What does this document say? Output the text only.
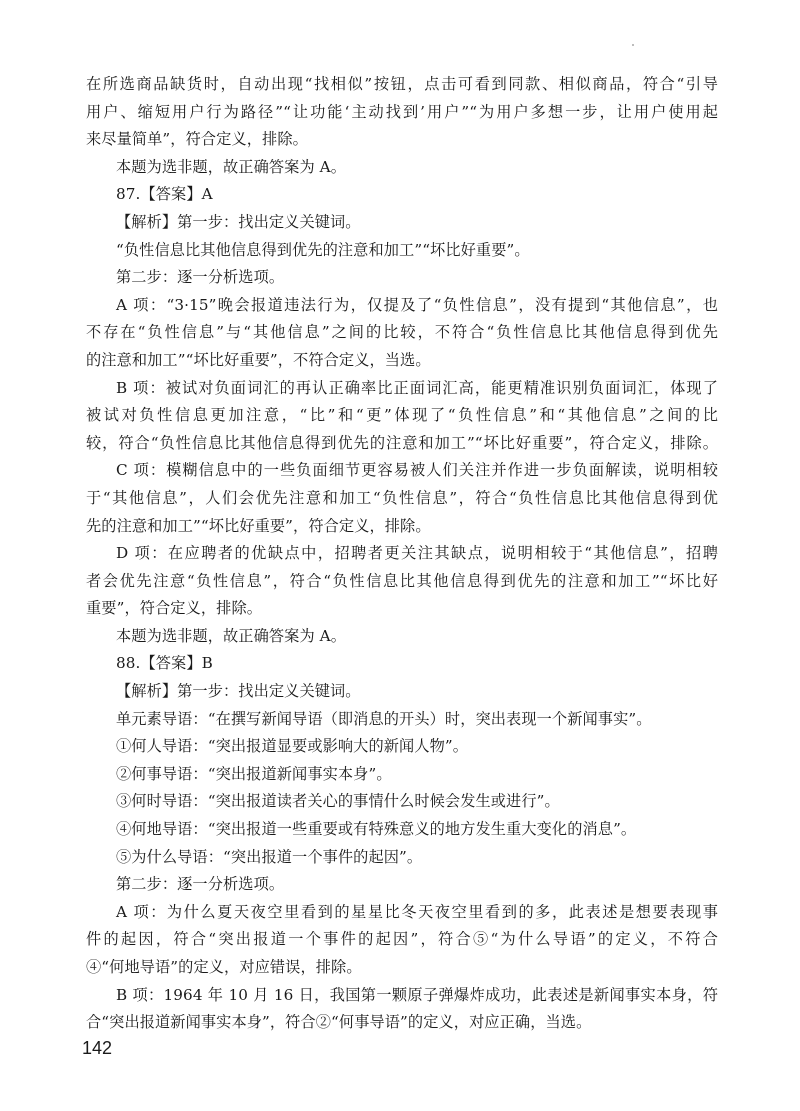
在所选商品缺货时，自动出现“找相似”按钮，点击可看到同款、相似商品，符合“引导
用户、缩短用户行为路径”“让功能‘主动找到’用户”“为用户多想一步，让用户使用起
来尽量简单”，符合定义，排除。
本题为选非题，故正确答案为 A。
87.【答案】A
【解析】第一步：找出定义关键词。
“负性信息比其他信息得到优先的注意和加工”“坏比好重要”。
第二步：逐一分析选项。
A 项：“3·15”晚会报道违法行为，仅提及了“负性信息”，没有提到“其他信息”，也
不存在“负性信息”与“其他信息”之间的比较，不符合“负性信息比其他信息得到优先
的注意和加工”“坏比好重要”，不符合定义，当选。
B 项：被试对负面词汇的再认正确率比正面词汇高，能更精准识别负面词汇，体现了
被试对负性信息更加注意，“比”和“更”体现了“负性信息”和“其他信息”之间的比
较，符合“负性信息比其他信息得到优先的注意和加工”“坏比好重要”，符合定义，排除。
C 项：模糊信息中的一些负面细节更容易被人们关注并作进一步负面解读，说明相较
于“其他信息”，人们会优先注意和加工“负性信息”，符合“负性信息比其他信息得到优
先的注意和加工”“坏比好重要”，符合定义，排除。
D 项：在应聘者的优缺点中，招聘者更关注其缺点，说明相较于“其他信息”，招聘
者会优先注意“负性信息”，符合“负性信息比其他信息得到优先的注意和加工”“坏比好
重要”，符合定义，排除。
本题为选非题，故正确答案为 A。
88.【答案】B
【解析】第一步：找出定义关键词。
单元素导语：“在撰写新闻导语（即消息的开头）时，突出表现一个新闻事实”。
①何人导语：“突出报道显要或影响大的新闻人物”。
②何事导语：“突出报道新闻事实本身”。
③何时导语：“突出报道读者关心的事情什么时候会发生或进行”。
④何地导语：“突出报道一些重要或有特殊意义的地方发生重大变化的消息”。
⑤为什么导语：“突出报道一个事件的起因”。
第二步：逐一分析选项。
A 项：为什么夏天夜空里看到的星星比冬天夜空里看到的多，此表述是想要表现事
件的起因，符合“突出报道一个事件的起因”，符合⑤“为什么导语”的定义，不符合
④“何地导语”的定义，对应错误，排除。
B 项：1964 年 10 月 16 日，我国第一颗原子弹爆炸成功，此表述是新闻事实本身，符
合“突出报道新闻事实本身”，符合②“何事导语”的定义，对应正确，当选。
142
